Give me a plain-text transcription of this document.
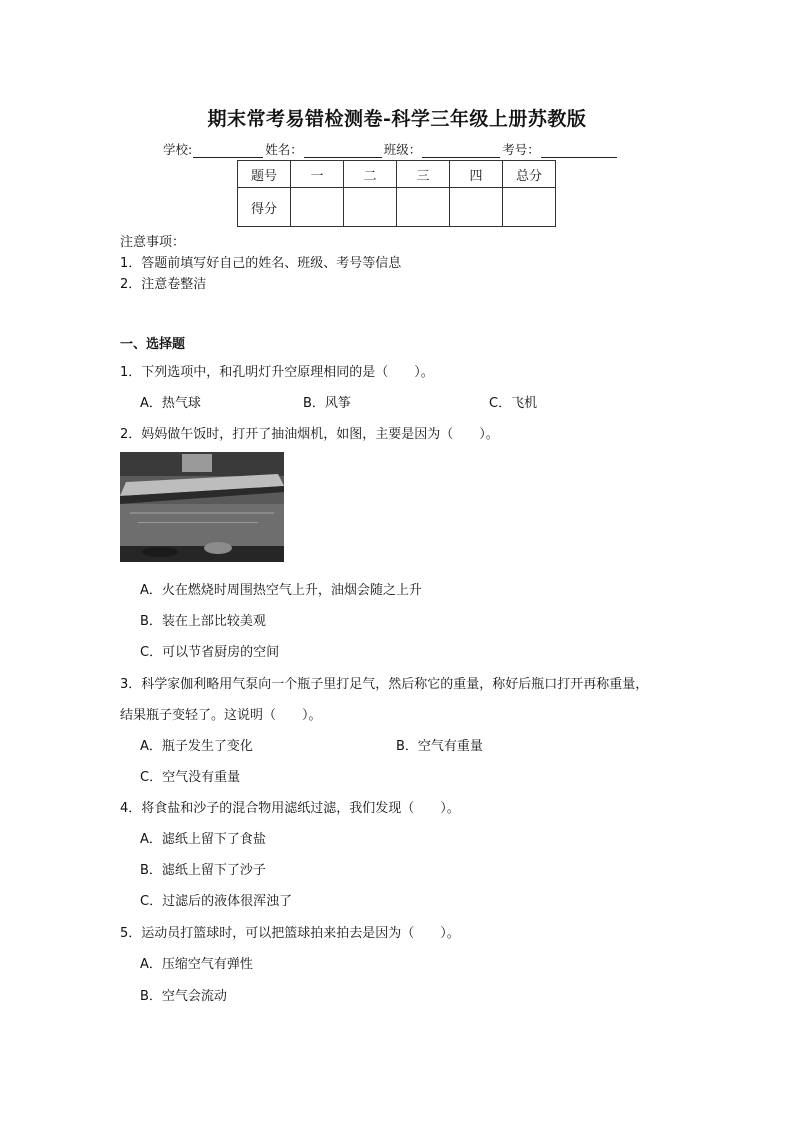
期末常考易错检测卷-科学三年级上册苏教版
学校:	姓名：	班级：	考号：
题号	一	二	三	四	总分
得分					
注意事项：
1．答题前填写好自己的姓名、班级、考号等信息
2．注意卷整洁
一、选择题
1．下列选项中，和孔明灯升空原理相同的是（　　）。
A．热气球	B．风筝	C．飞机
2．妈妈做午饭时，打开了抽油烟机，如图，主要是因为（　　）。
A．火在燃烧时周围热空气上升，油烟会随之上升
B．装在上部比较美观
C．可以节省厨房的空间
3．科学家伽利略用气泵向一个瓶子里打足气，然后称它的重量，称好后瓶口打开再称重量，
结果瓶子变轻了。这说明（　　）。
A．瓶子发生了变化	B．空气有重量
C．空气没有重量
4．将食盐和沙子的混合物用滤纸过滤，我们发现（　　）。
A．滤纸上留下了食盐
B．滤纸上留下了沙子
C．过滤后的液体很浑浊了
5．运动员打篮球时，可以把篮球拍来拍去是因为（　　）。
A．压缩空气有弹性
B．空气会流动
